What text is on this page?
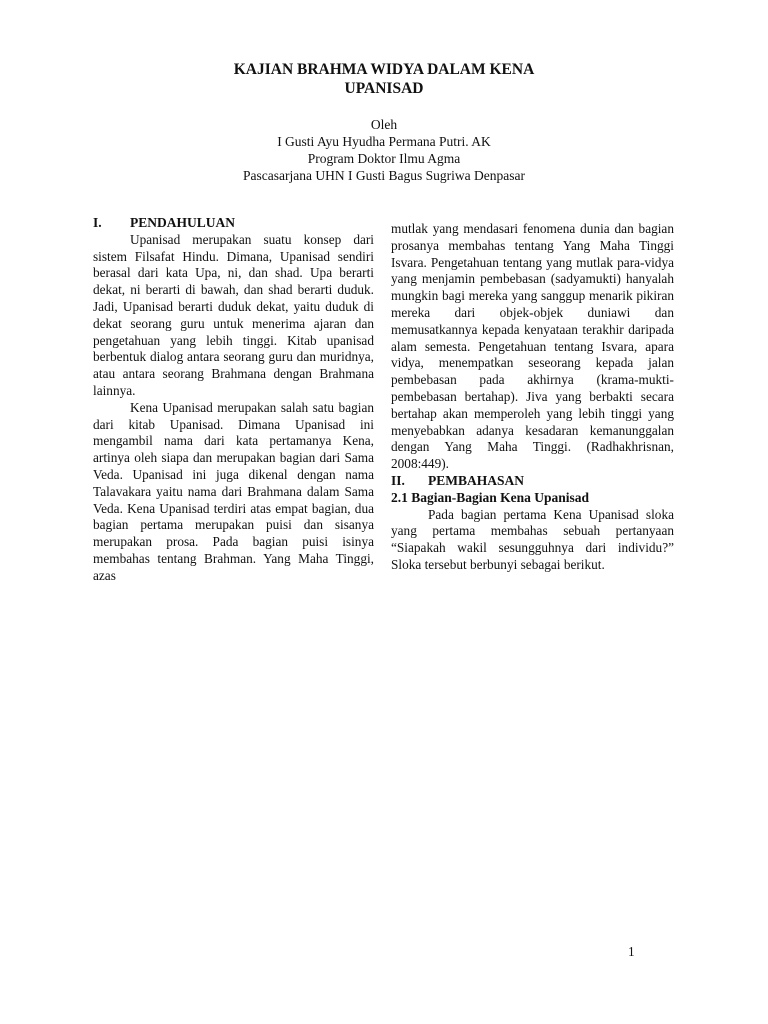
KAJIAN BRAHMA WIDYA DALAM KENA
UPANISAD
Oleh
I Gusti Ayu Hyudha Permana Putri. AK
Program Doktor Ilmu Agma
Pascasarjana UHN I Gusti Bagus Sugriwa Denpasar
I.	PENDAHULUAN

Upanisad merupakan suatu konsep dari sistem Filsafat Hindu. Dimana, Upanisad sendiri berasal dari kata Upa, ni, dan shad. Upa berarti dekat, ni berarti di bawah, dan shad berarti duduk. Jadi, Upanisad berarti duduk dekat, yaitu duduk di dekat seorang guru untuk menerima ajaran dan pengetahuan yang lebih tinggi. Kitab upanisad berbentuk dialog antara seorang guru dan muridnya, atau antara seorang Brahmana dengan Brahmana lainnya.

Kena Upanisad merupakan salah satu bagian dari kitab Upanisad. Dimana Upanisad ini mengambil nama dari kata pertamanya Kena, artinya oleh siapa dan merupakan bagian dari Sama Veda. Upanisad ini juga dikenal dengan nama Talavakara yaitu nama dari Brahmana dalam Sama Veda. Kena Upanisad terdiri atas empat bagian, dua bagian pertama merupakan puisi dan sisanya merupakan prosa. Pada bagian puisi isinya membahas tentang Brahman. Yang Maha Tinggi, azas

mutlak yang mendasari fenomena dunia dan bagian prosanya membahas tentang Yang Maha Tinggi Isvara. Pengetahuan tentang yang mutlak para-vidya yang menjamin pembebasan (sadyamukti) hanyalah mungkin bagi mereka yang sanggup menarik pikiran mereka dari objek-objek duniawi dan memusatkannya kepada kenyataan terakhir daripada alam semesta. Pengetahuan tentang Isvara, apara vidya, menempatkan seseorang kepada jalan pembebasan pada akhirnya (krama-mukti-pembebasan bertahap). Jiva yang berbakti secara bertahap akan memperoleh yang lebih tinggi yang menyebabkan adanya kesadaran kemanunggalan dengan Yang Maha Tinggi. (Radhakhrisnan, 2008:449).

II.	PEMBAHASAN
2.1 Bagian-Bagian Kena Upanisad

Pada bagian pertama Kena Upanisad sloka yang pertama membahas sebuah pertanyaan “Siapakah wakil sesungguhnya dari individu?” Sloka tersebut berbunyi sebagai berikut.

1
